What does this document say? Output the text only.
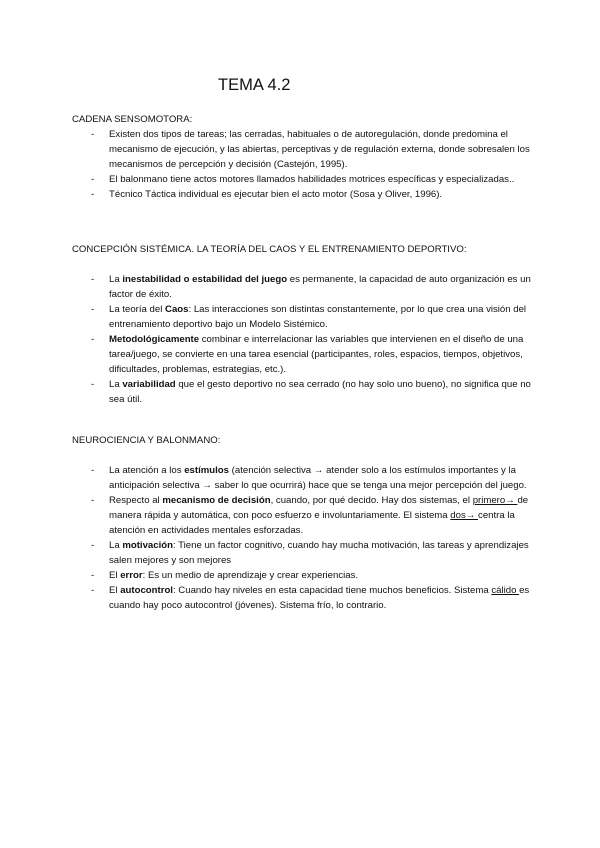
TEMA 4.2
CADENA SENSOMOTORA:
- Existen dos tipos de tareas; las cerradas, habituales o de autoregulación, donde predomina el mecanismo de ejecución, y las abiertas, perceptivas y de regulación externa, donde sobresalen los mecanismos de percepción y decisión (Castejón, 1995).
- El balonmano tiene actos motores llamados habilidades motrices específicas y especializadas..
- Técnico Táctica individual es ejecutar bien el acto motor (Sosa y Oliver, 1996).
CONCEPCIÓN SISTÉMICA. LA TEORÍA DEL CAOS Y EL ENTRENAMIENTO DEPORTIVO:
- La inestabilidad o estabilidad del juego es permanente, la capacidad de auto organización es un factor de éxito.
- La teoría del Caos: Las interacciones son distintas constantemente, por lo que crea una visión del entrenamiento deportivo bajo un Modelo Sistémico.
- Metodológicamente combinar e interrelacionar las variables que intervienen en el diseño de una tarea/juego, se convierte en una tarea esencial (participantes, roles, espacios, tiempos, objetivos, dificultades, problemas, estrategias, etc.).
- La variabilidad que el gesto deportivo no sea cerrado (no hay solo uno bueno), no significa que no sea útil.
NEUROCIENCIA Y BALONMANO:
- La atención a los estímulos (atención selectiva → atender solo a los estímulos importantes y la anticipación selectiva → saber lo que ocurrirá) hace que se tenga una mejor percepción del juego.
- Respecto al mecanismo de decisión, cuando, por qué decido. Hay dos sistemas, el primero→ de manera rápida y automática, con poco esfuerzo e involuntariamente. El sistema dos→ centra la atención en actividades mentales esforzadas.
- La motivación: Tiene un factor cognitivo, cuando hay mucha motivación, las tareas y aprendizajes salen mejores y son mejores
- El error: Es un medio de aprendizaje y crear experiencias.
- El autocontrol: Cuando hay niveles en esta capacidad tiene muchos beneficios. Sistema cálido es cuando hay poco autocontrol (jóvenes). Sistema frío, lo contrario.
